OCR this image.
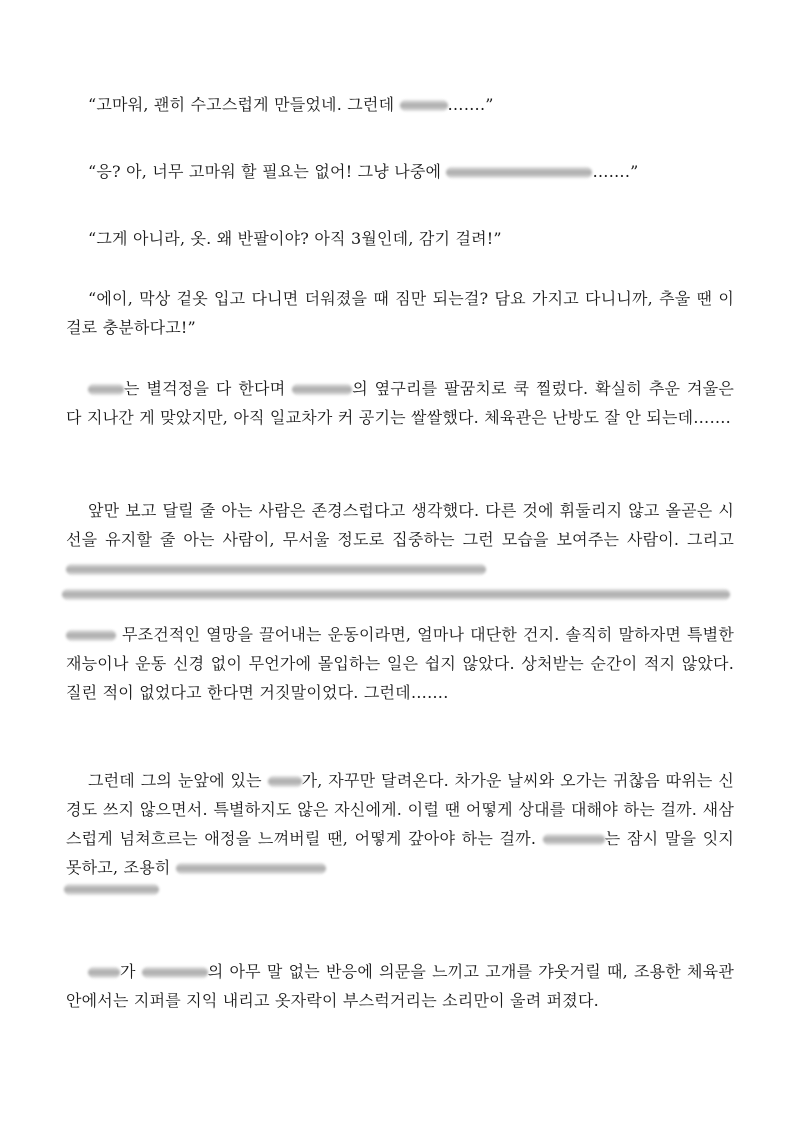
“고마워, 괜히 수고스럽게 만들었네. 그런데	…….”

“응? 아, 너무 고마워 할 필요는 없어! 그냥 나중에	…….”

“그게 아니라, 옷. 왜 반팔이야? 아직 3월인데, 감기 걸려!”

“에이, 막상 겉옷 입고 다니면 더워졌을 때 짐만 되는걸? 담요 가지고 다니니까, 추울 땐 이걸로 충분하다고!”

는 별걱정을 다 한다며	의 옆구리를 팔꿈치로 쿡 찔렀다. 확실히 추운 겨울은 다 지나간 게 맞았지만, 아직 일교차가 커 공기는 쌀쌀했다. 체육관은 난방도 잘 안 되는데…….

앞만 보고 달릴 줄 아는 사람은 존경스럽다고 생각했다. 다른 것에 휘둘리지 않고 올곧은 시선을 유지할 줄 아는 사람이, 무서울 정도로 집중하는 그런 모습을 보여주는 사람이. 그리고

무조건적인 열망을 끌어내는 운동이라면, 얼마나 대단한 건지. 솔직히 말하자면 특별한 재능이나 운동 신경 없이 무언가에 몰입하는 일은 쉽지 않았다. 상처받는 순간이 적지 않았다. 질린 적이 없었다고 한다면 거짓말이었다. 그런데…….

그런데 그의 눈앞에 있는 가, 자꾸만 달려온다. 차가운 날씨와 오가는 귀찮음 따위는 신경도 쓰지 않으면서. 특별하지도 않은 자신에게. 이럴 땐 어떻게 상대를 대해야 하는 걸까. 새삼스럽게 넘쳐흐르는 애정을 느껴버릴 땐, 어떻게 갚아야 하는 걸까.	는 잠시 말을 잇지 못하고, 조용히

가	의 아무 말 없는 반응에 의문을 느끼고 고개를 갸웃거릴 때, 조용한 체육관 안에서는 지퍼를 지익 내리고 옷자락이 부스럭거리는 소리만이 울려 퍼졌다.
